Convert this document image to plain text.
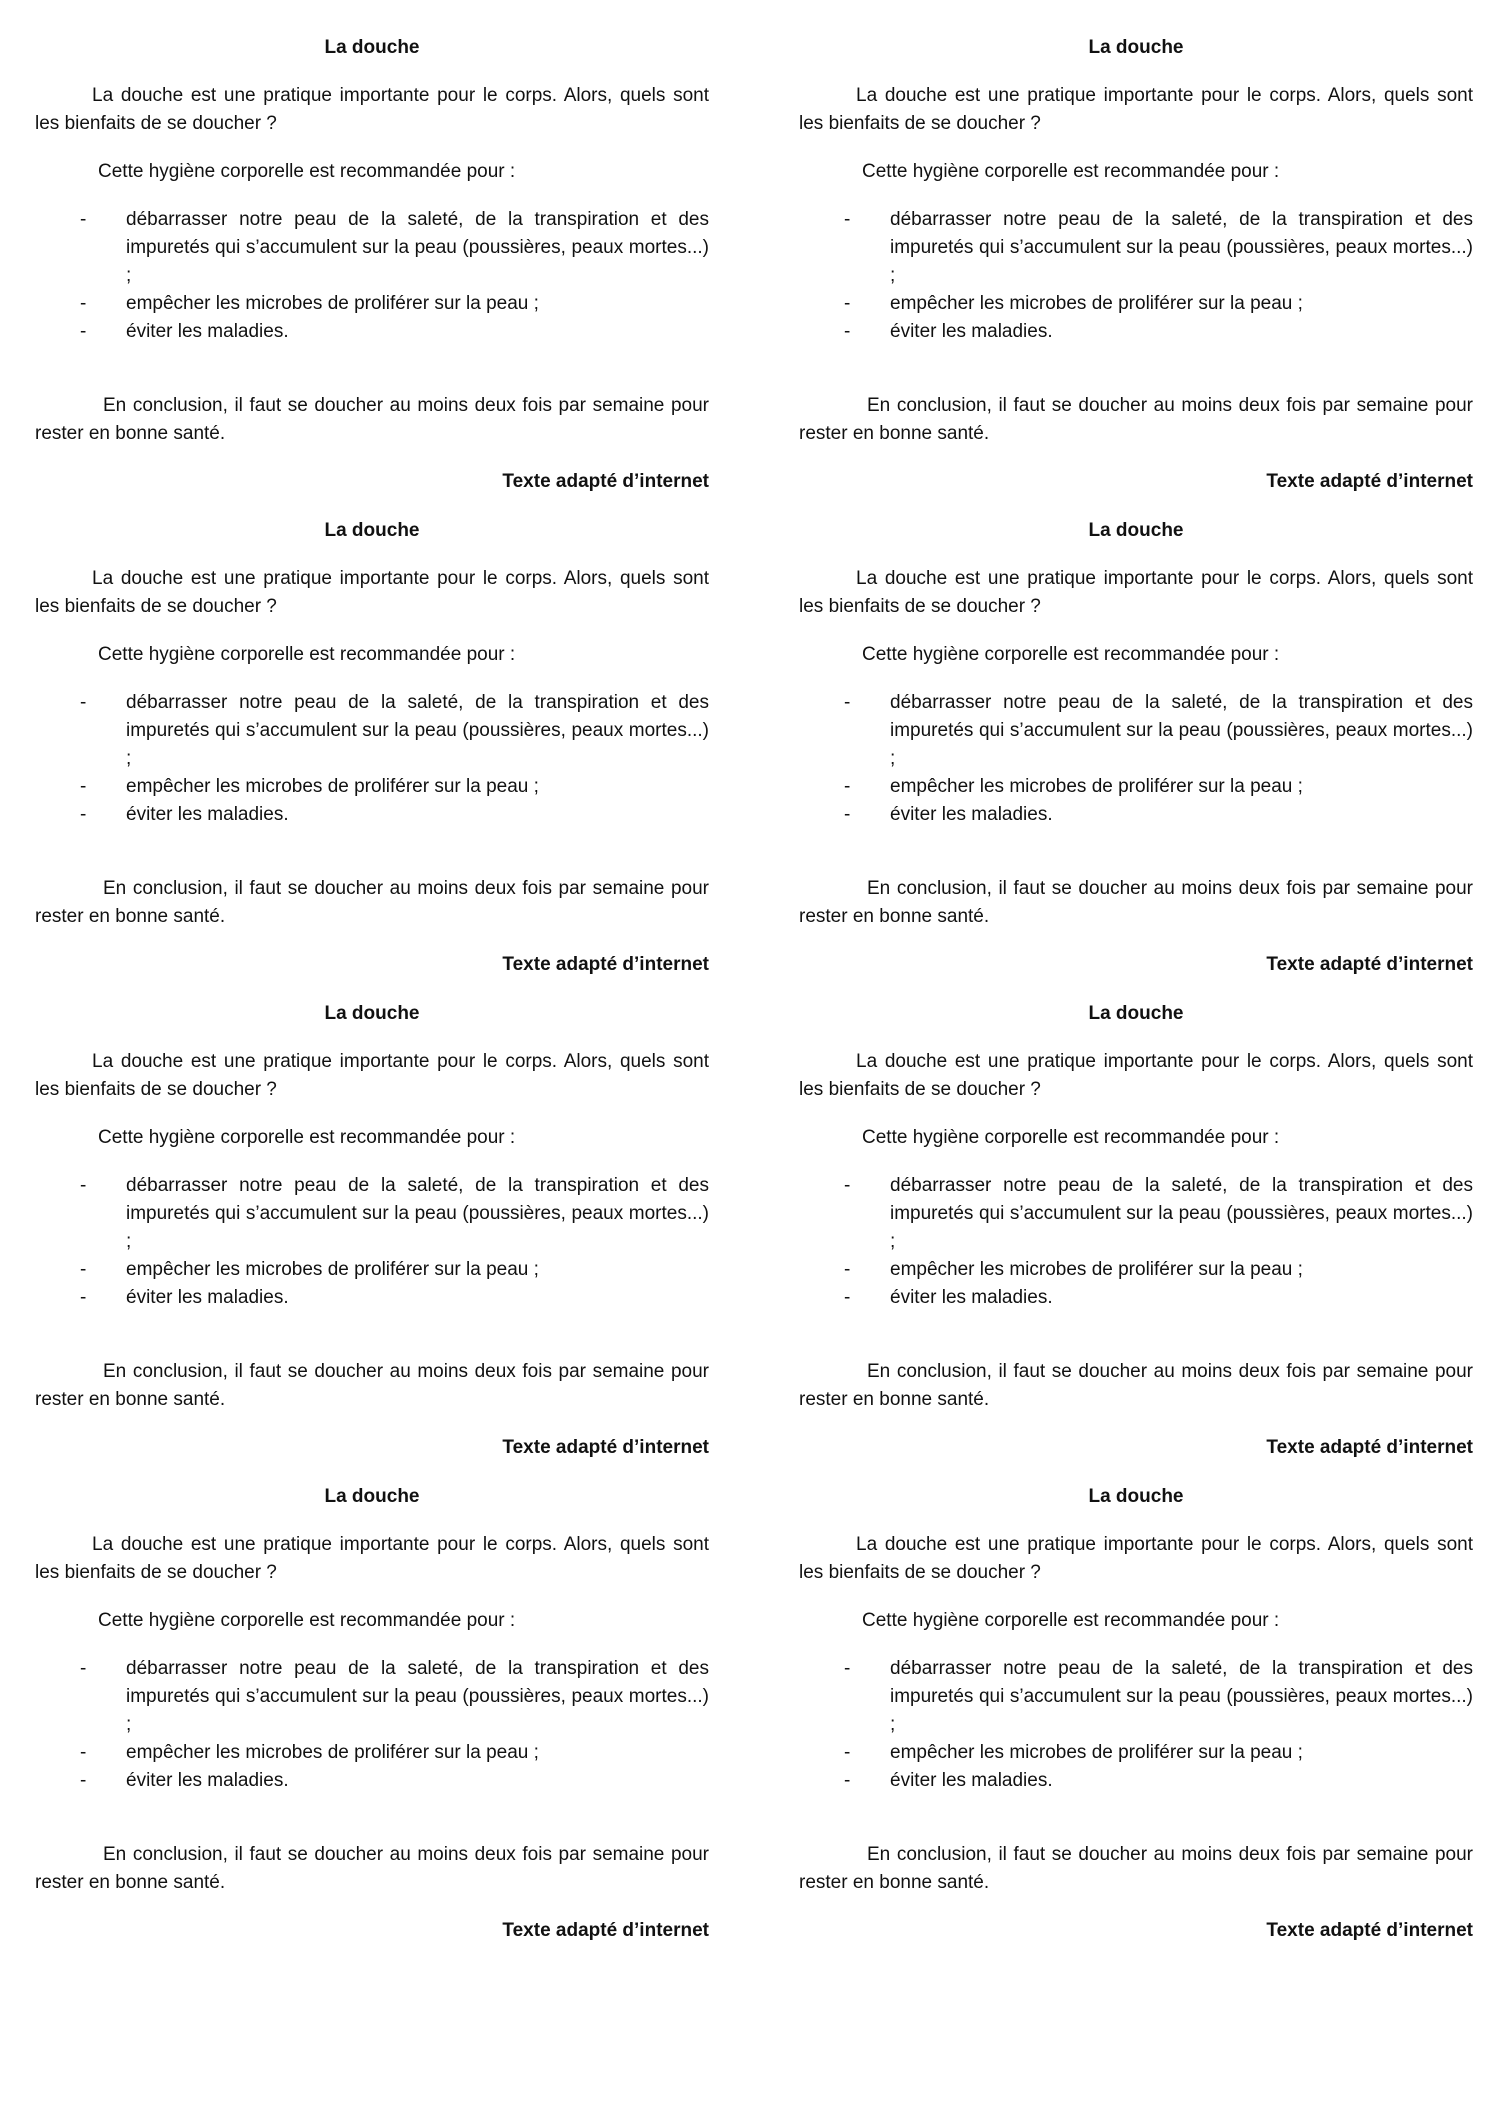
La douche

La douche est une pratique importante pour le corps. Alors, quels sont les bienfaits de se doucher ?

Cette hygiène corporelle est recommandée pour :

- débarrasser notre peau de la saleté, de la transpiration et des impuretés qui s’accumulent sur la peau (poussières, peaux mortes...) ;
- empêcher les microbes de proliférer sur la peau ;
- éviter les maladies.

En conclusion, il faut se doucher au moins deux fois par semaine pour rester en bonne santé.

Texte adapté d’internet

La douche

La douche est une pratique importante pour le corps. Alors, quels sont les bienfaits de se doucher ?

Cette hygiène corporelle est recommandée pour :

- débarrasser notre peau de la saleté, de la transpiration et des impuretés qui s’accumulent sur la peau (poussières, peaux mortes...) ;
- empêcher les microbes de proliférer sur la peau ;
- éviter les maladies.

En conclusion, il faut se doucher au moins deux fois par semaine pour rester en bonne santé.

Texte adapté d’internet

La douche

La douche est une pratique importante pour le corps. Alors, quels sont les bienfaits de se doucher ?

Cette hygiène corporelle est recommandée pour :

- débarrasser notre peau de la saleté, de la transpiration et des impuretés qui s’accumulent sur la peau (poussières, peaux mortes...) ;
- empêcher les microbes de proliférer sur la peau ;
- éviter les maladies.

En conclusion, il faut se doucher au moins deux fois par semaine pour rester en bonne santé.

Texte adapté d’internet

La douche

La douche est une pratique importante pour le corps. Alors, quels sont les bienfaits de se doucher ?

Cette hygiène corporelle est recommandée pour :

- débarrasser notre peau de la saleté, de la transpiration et des impuretés qui s’accumulent sur la peau (poussières, peaux mortes...) ;
- empêcher les microbes de proliférer sur la peau ;
- éviter les maladies.

En conclusion, il faut se doucher au moins deux fois par semaine pour rester en bonne santé.

Texte adapté d’internet

La douche

La douche est une pratique importante pour le corps. Alors, quels sont les bienfaits de se doucher ?

Cette hygiène corporelle est recommandée pour :

- débarrasser notre peau de la saleté, de la transpiration et des impuretés qui s’accumulent sur la peau (poussières, peaux mortes...) ;
- empêcher les microbes de proliférer sur la peau ;
- éviter les maladies.

En conclusion, il faut se doucher au moins deux fois par semaine pour rester en bonne santé.

Texte adapté d’internet

La douche

La douche est une pratique importante pour le corps. Alors, quels sont les bienfaits de se doucher ?

Cette hygiène corporelle est recommandée pour :

- débarrasser notre peau de la saleté, de la transpiration et des impuretés qui s’accumulent sur la peau (poussières, peaux mortes...) ;
- empêcher les microbes de proliférer sur la peau ;
- éviter les maladies.

En conclusion, il faut se doucher au moins deux fois par semaine pour rester en bonne santé.

Texte adapté d’internet

La douche

La douche est une pratique importante pour le corps. Alors, quels sont les bienfaits de se doucher ?

Cette hygiène corporelle est recommandée pour :

- débarrasser notre peau de la saleté, de la transpiration et des impuretés qui s’accumulent sur la peau (poussières, peaux mortes...) ;
- empêcher les microbes de proliférer sur la peau ;
- éviter les maladies.

En conclusion, il faut se doucher au moins deux fois par semaine pour rester en bonne santé.

Texte adapté d’internet

La douche

La douche est une pratique importante pour le corps. Alors, quels sont les bienfaits de se doucher ?

Cette hygiène corporelle est recommandée pour :

- débarrasser notre peau de la saleté, de la transpiration et des impuretés qui s’accumulent sur la peau (poussières, peaux mortes...) ;
- empêcher les microbes de proliférer sur la peau ;
- éviter les maladies.

En conclusion, il faut se doucher au moins deux fois par semaine pour rester en bonne santé.

Texte adapté d’internet
